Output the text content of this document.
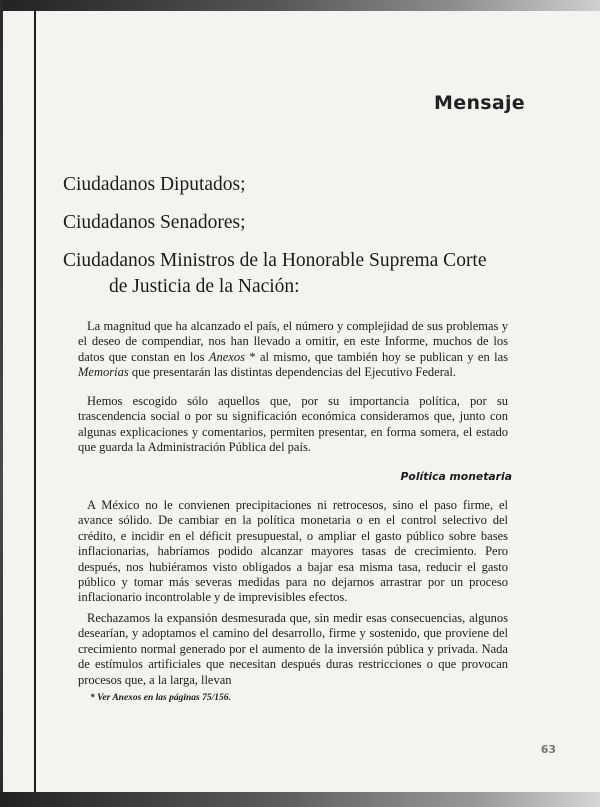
Mensaje

Ciudadanos Diputados;

Ciudadanos Senadores;

Ciudadanos Ministros de la Honorable Suprema Corte
de Justicia de la Nación:

La magnitud que ha alcanzado el país, el número y complejidad de sus problemas y el deseo de compendiar, nos han llevado a omitir, en este Informe, muchos de los datos que constan en los Anexos * al mismo, que también hoy se publican y en las Memorias que presentarán las distintas dependencias del Ejecutivo Federal.

Hemos escogido sólo aquellos que, por su importancia política, por su trascendencia social o por su significación económica consideramos que, junto con algunas explicaciones y comentarios, permiten presentar, en forma somera, el estado que guarda la Administración Pública del país.

Política monetaria

A México no le convienen precipitaciones ni retrocesos, sino el paso firme, el avance sólido. De cambiar en la política monetaria o en el control selectivo del crédito, e incidir en el déficit presupuestal, o ampliar el gasto público sobre bases inflacionarias, habríamos podido alcanzar mayores tasas de crecimiento. Pero después, nos hubiéramos visto obligados a bajar esa misma tasa, reducir el gasto público y tomar más severas medidas para no dejarnos arrastrar por un proceso inflacionario incontrolable y de imprevisibles efectos.

Rechazamos la expansión desmesurada que, sin medir esas consecuencias, algunos desearían, y adoptamos el camino del desarrollo, firme y sostenido, que proviene del crecimiento normal generado por el aumento de la inversión pública y privada. Nada de estímulos artificiales que necesitan después duras restricciones o que provocan procesos que, a la larga, llevan

* Ver Anexos en las páginas 75/156.

63
